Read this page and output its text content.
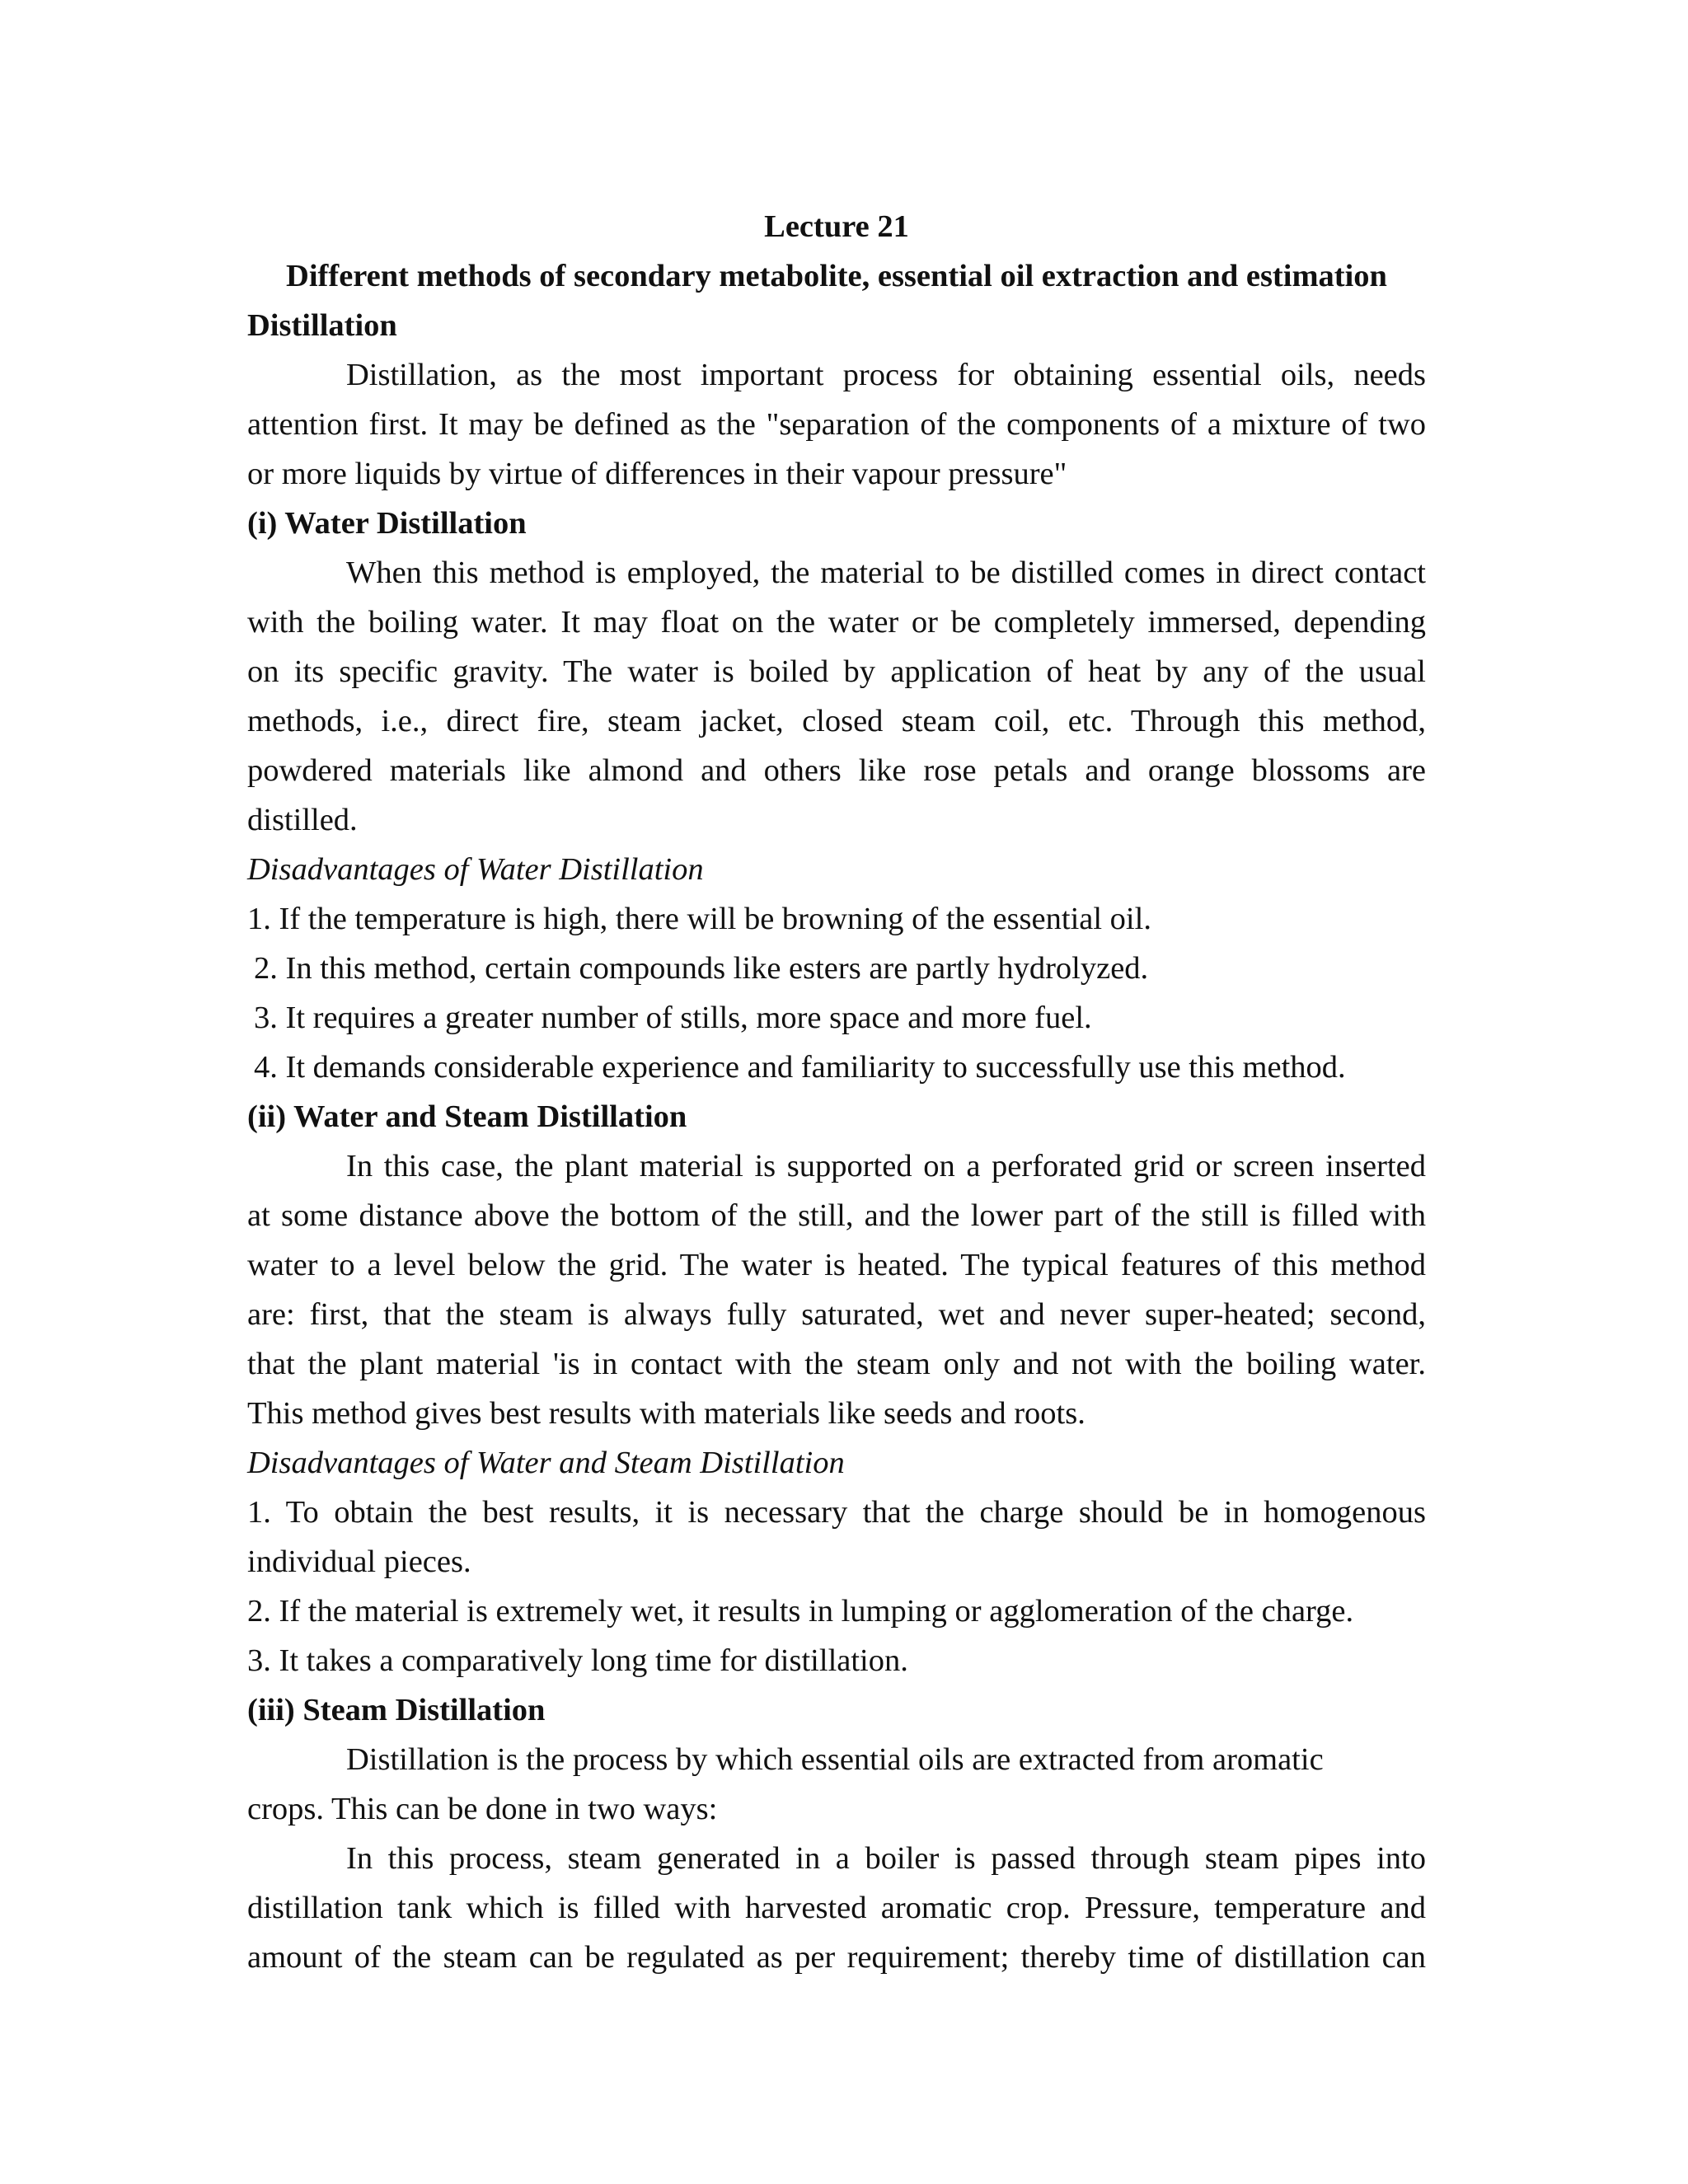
Lecture 21
Different methods of secondary metabolite, essential oil extraction and estimation
Distillation
Distillation, as the most important process for obtaining essential oils, needs
attention first. It may be defined as the "separation of the components of a mixture of two
or more liquids by virtue of differences in their vapour pressure"
(i) Water Distillation
When this method is employed, the material to be distilled comes in direct contact
with the boiling water. It may float on the water or be completely immersed, depending
on its specific gravity. The water is boiled by application of heat by any of the usual
methods, i.e., direct fire, steam jacket, closed steam coil, etc. Through this method,
powdered materials like almond and others like rose petals and orange blossoms are
distilled.
Disadvantages of Water Distillation
1. If the temperature is high, there will be browning of the essential oil.
2. In this method, certain compounds like esters are partly hydrolyzed.
3. It requires a greater number of stills, more space and more fuel.
4. It demands considerable experience and familiarity to successfully use this method.
(ii) Water and Steam Distillation
In this case, the plant material is supported on a perforated grid or screen inserted
at some distance above the bottom of the still, and the lower part of the still is filled with
water to a level below the grid. The water is heated. The typical features of this method
are: first, that the steam is always fully saturated, wet and never super-heated; second,
that the plant material 'is in contact with the steam only and not with the boiling water.
This method gives best results with materials like seeds and roots.
Disadvantages of Water and Steam Distillation
1. To obtain the best results, it is necessary that the charge should be in homogenous
individual pieces.
2. If the material is extremely wet, it results in lumping or agglomeration of the charge.
3. It takes a comparatively long time for distillation.
(iii) Steam Distillation
Distillation is the process by which essential oils are extracted from aromatic
crops. This can be done in two ways:
In this process, steam generated in a boiler is passed through steam pipes into
distillation tank which is filled with harvested aromatic crop. Pressure, temperature and
amount of the steam can be regulated as per requirement; thereby time of distillation can
